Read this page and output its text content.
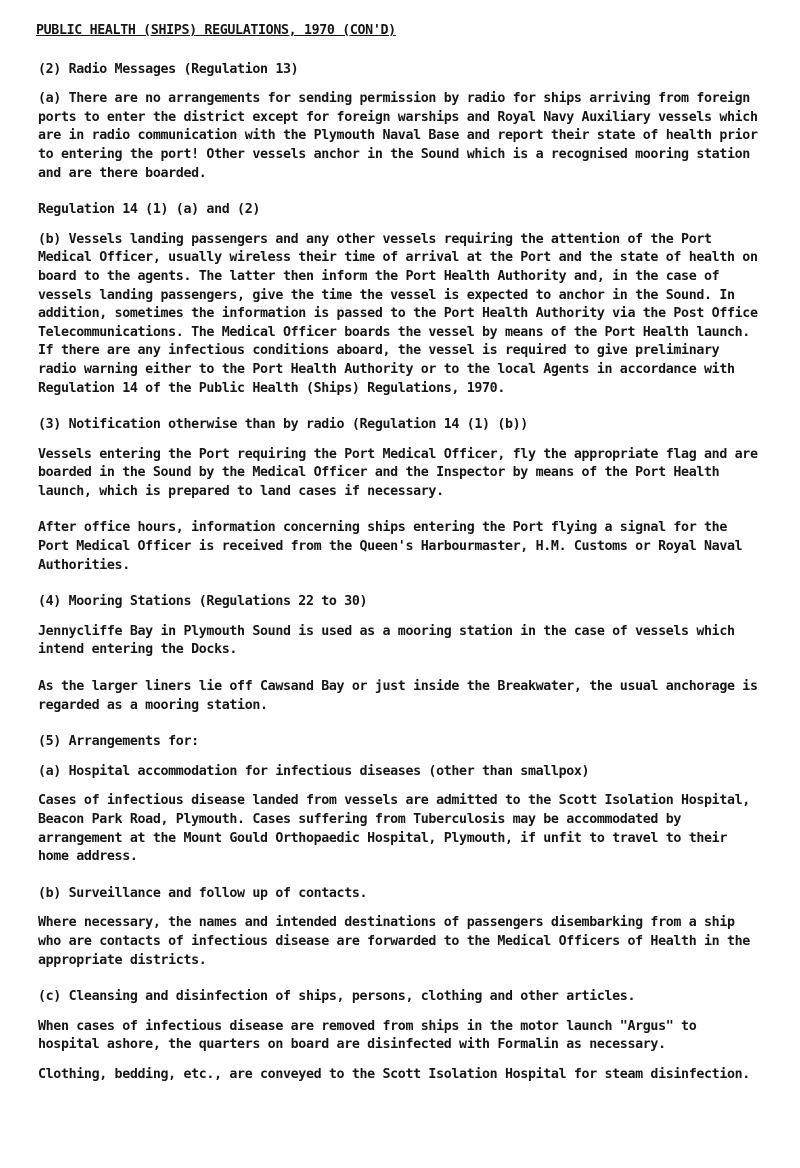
PUBLIC HEALTH (SHIPS) REGULATIONS, 1970 (CON'D)

(2) Radio Messages (Regulation 13)

(a) There are no arrangements for sending permission by radio for ships arriving from foreign ports to enter the district except for foreign warships and Royal Navy Auxiliary vessels which are in radio communication with the Plymouth Naval Base and report their state of health prior to entering the port! Other vessels anchor in the Sound which is a recognised mooring station and are there boarded.

Regulation 14 (1) (a) and (2)

(b) Vessels landing passengers and any other vessels requiring the attention of the Port Medical Officer, usually wireless their time of arrival at the Port and the state of health on board to the agents. The latter then inform the Port Health Authority and, in the case of vessels landing passengers, give the time the vessel is expected to anchor in the Sound. In addition, sometimes the information is passed to the Port Health Authority via the Post Office Telecommunications. The Medical Officer boards the vessel by means of the Port Health launch. If there are any infectious conditions aboard, the vessel is required to give preliminary radio warning either to the Port Health Authority or to the local Agents in accordance with Regulation 14 of the Public Health (Ships) Regulations, 1970.

(3) Notification otherwise than by radio (Regulation 14 (1) (b))

Vessels entering the Port requiring the Port Medical Officer, fly the appropriate flag and are boarded in the Sound by the Medical Officer and the Inspector by means of the Port Health launch, which is prepared to land cases if necessary.

After office hours, information concerning ships entering the Port flying a signal for the Port Medical Officer is received from the Queen's Harbourmaster, H.M. Customs or Royal Naval Authorities.

(4) Mooring Stations (Regulations 22 to 30)

Jennycliffe Bay in Plymouth Sound is used as a mooring station in the case of vessels which intend entering the Docks.

As the larger liners lie off Cawsand Bay or just inside the Breakwater, the usual anchorage is regarded as a mooring station.

(5) Arrangements for:

(a) Hospital accommodation for infectious diseases (other than smallpox)

Cases of infectious disease landed from vessels are admitted to the Scott Isolation Hospital, Beacon Park Road, Plymouth. Cases suffering from Tuberculosis may be accommodated by arrangement at the Mount Gould Orthopaedic Hospital, Plymouth, if unfit to travel to their home address.

(b) Surveillance and follow up of contacts.

Where necessary, the names and intended destinations of passengers disembarking from a ship who are contacts of infectious disease are forwarded to the Medical Officers of Health in the appropriate districts.

(c) Cleansing and disinfection of ships, persons, clothing and other articles.

When cases of infectious disease are removed from ships in the motor launch "Argus" to hospital ashore, the quarters on board are disinfected with Formalin as necessary.

Clothing, bedding, etc., are conveyed to the Scott Isolation Hospital for steam disinfection.
